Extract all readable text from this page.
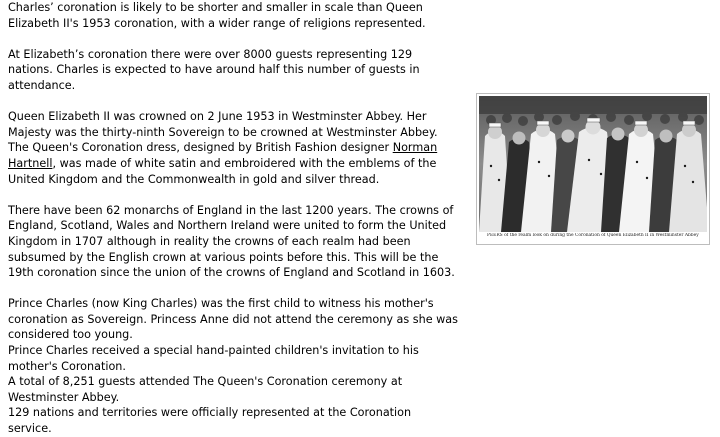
Charles’ coronation is likely to be shorter and smaller in scale than Queen
Elizabeth II's 1953 coronation, with a wider range of religions represented.

At Elizabeth’s coronation there were over 8000 guests representing 129
nations. Charles is expected to have around half this number of guests in
attendance.

Queen Elizabeth II was crowned on 2 June 1953 in Westminster Abbey. Her Majesty was the thirty-ninth Sovereign to be crowned at Westminster Abbey. The Queen's Coronation dress, designed by British Fashion designer Norman Hartnell, was made of white satin and embroidered with the emblems of the United Kingdom and the Commonwealth in gold and silver thread.

There have been 62 monarchs of England in the last 1200 years. The crowns of England, Scotland, Wales and Northern Ireland were united to form the United Kingdom in 1707 although in reality the crowns of each realm had been subsumed by the English crown at various points before this. This will be the 19th coronation since the union of the crowns of England and Scotland in 1603.

Prince Charles (now King Charles) was the first child to witness his mother's coronation as Sovereign. Princess Anne did not attend the ceremony as she was considered too young.
Prince Charles received a special hand-painted children's invitation to his mother's Coronation.
A total of 8,251 guests attended The Queen's Coronation ceremony at Westminster Abbey.
129 nations and territories were officially represented at the Coronation service.

PEERS of the realm look on during the Coronation of Queen Elizabeth II in Westminster Abbey
